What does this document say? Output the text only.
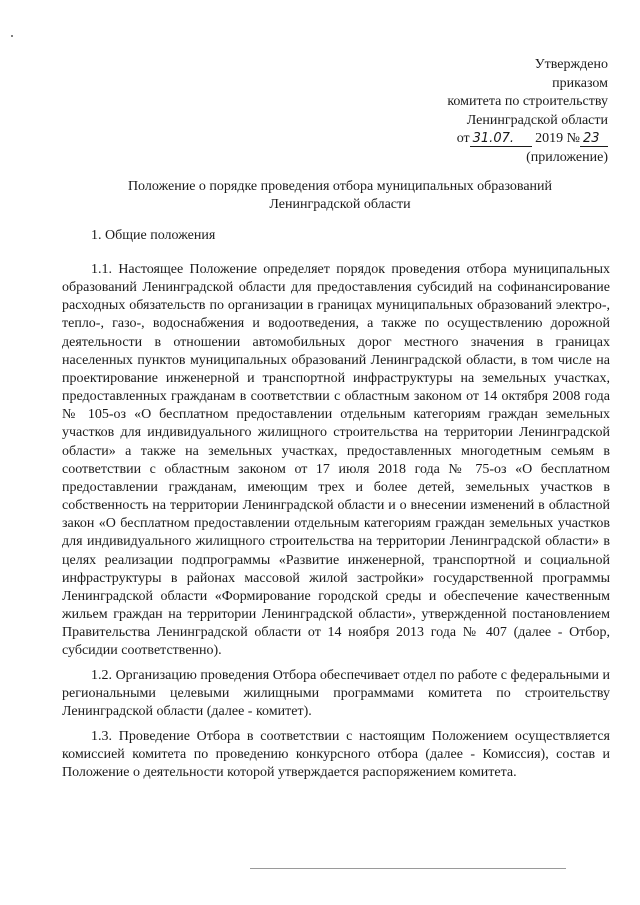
Утверждено
приказом
комитета по строительству
Ленинградской области
от 31.07. 2019 № 23
(приложение)
Положение о порядке проведения отбора муниципальных образований
Ленинградской области
1. Общие положения

1.1. Настоящее Положение определяет порядок проведения отбора муниципальных образований Ленинградской области для предоставления субсидий на софинансирование расходных обязательств по организации в границах муниципальных образований электро-, тепло-, газо-, водоснабжения и водоотведения, а также по осуществлению дорожной деятельности в отношении автомобильных дорог местного значения в границах населенных пунктов муниципальных образований Ленинградской области, в том числе на проектирование инженерной и транспортной инфраструктуры на земельных участках, предоставленных гражданам в соответствии с областным законом от 14 октября 2008 года № 105-оз «О бесплатном предоставлении отдельным категориям граждан земельных участков для индивидуального жилищного строительства на территории Ленинградской области» а также на земельных участках, предоставленных многодетным семьям в соответствии с областным законом от 17 июля 2018 года № 75-оз «О бесплатном предоставлении гражданам, имеющим трех и более детей, земельных участков в собственность на территории Ленинградской области и о внесении изменений в областной закон «О бесплатном предоставлении отдельным категориям граждан земельных участков для индивидуального жилищного строительства на территории Ленинградской области» в целях реализации подпрограммы «Развитие инженерной, транспортной и социальной инфраструктуры в районах массовой жилой застройки» государственной программы Ленинградской области «Формирование городской среды и обеспечение качественным жильем граждан на территории Ленинградской области», утвержденной постановлением Правительства Ленинградской области от 14 ноября 2013 года № 407 (далее - Отбор, субсидии соответственно).

1.2. Организацию проведения Отбора обеспечивает отдел по работе с федеральными и региональными целевыми жилищными программами комитета по строительству Ленинградской области (далее - комитет).

1.3. Проведение Отбора в соответствии с настоящим Положением осуществляется комиссией комитета по проведению конкурсного отбора (далее - Комиссия), состав и Положение о деятельности которой утверждается распоряжением комитета.
